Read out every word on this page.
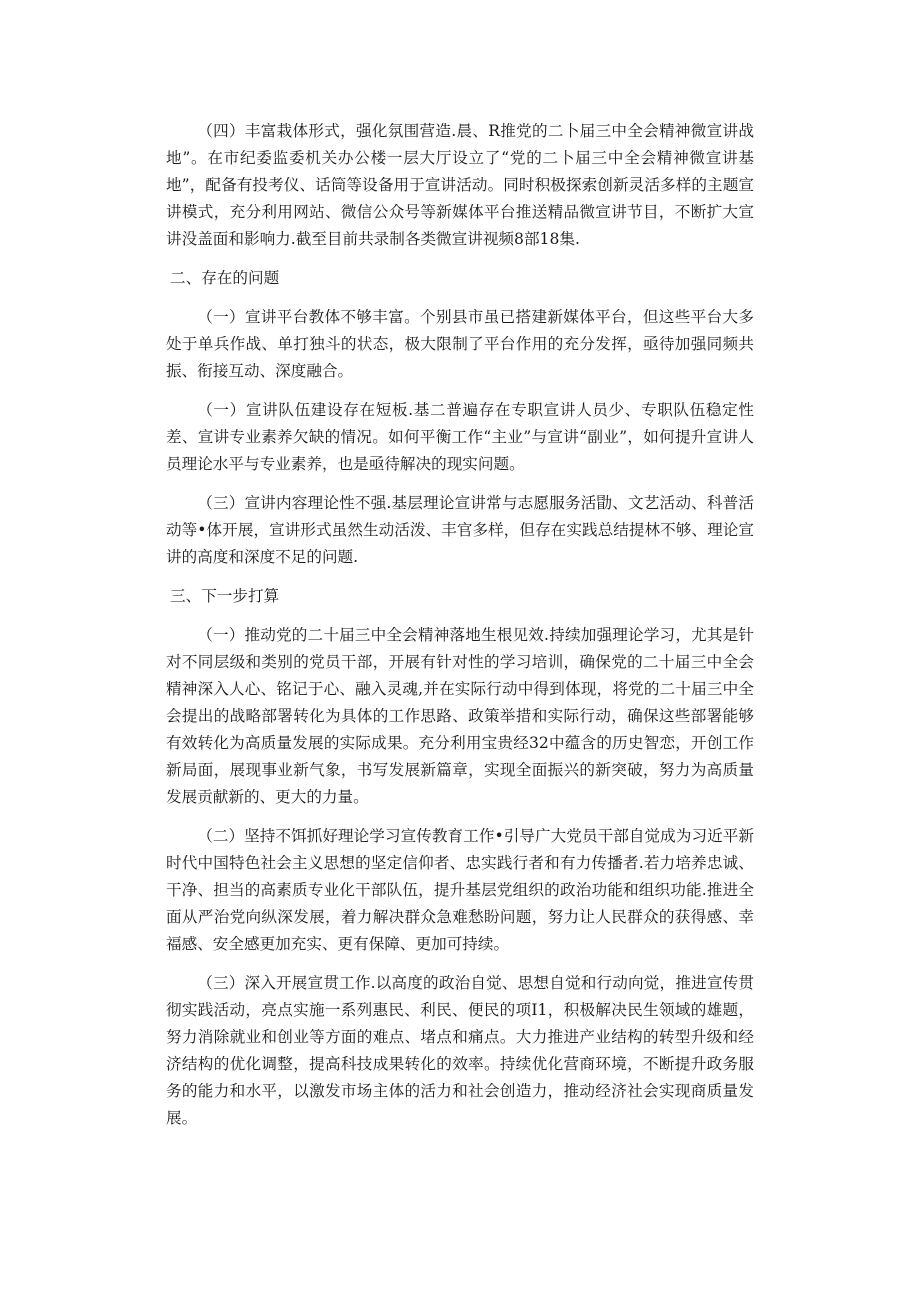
（四）丰富栽体形式，强化氛围营造.晨、R推党的二卜届三中全会精神微宣讲战地”。在市纪委监委机关办公楼一层大厅设立了“党的二卜届三中全会精神微宣讲基地”，配备有投考仪、话筒等设备用于宣讲活动。同时积极探索创新灵活多样的主题宣讲模式，充分利用网站、微信公众号等新媒体平台推送精品微宣讲节目，不断扩大宣讲没盖面和影响力.截至目前共录制各类微宣讲视频8部18集.

二、存在的问题

（一）宣讲平台教体不够丰富。个别县市虽已搭建新媒体平台，但这些平台大多处于单兵作战、单打独斗的状态，极大限制了平台作用的充分发挥，亟待加强同频共振、衔接互动、深度融合。

（一）宣讲队伍建设存在短板.基二普遍存在专职宣讲人员少、专职队伍稳定性差、宣讲专业素养欠缺的情况。如何平衡工作“主业”与宣讲“副业”，如何提升宣讲人员理论水平与专业素养，也是亟待解决的现实问题。

（三）宣讲内容理论性不强.基层理论宣讲常与志愿服务活勖、文艺活动、科普活动等•体开展，宣讲形式虽然生动活泼、丰官多样，但存在实践总结提林不够、理论宣讲的高度和深度不足的问题.

三、下一步打算

（一）推动党的二十届三中全会精神落地生根见效.持续加强理论学习，尤其是针对不同层级和类别的党员干部，开展有针对性的学习培训，确保党的二十届三中全会精神深入人心、铭记于心、融入灵魂,并在实际行动中得到体现，将党的二十届三中全会提出的战略部署转化为具体的工作思路、政策举措和实际行动，确保这些部署能够有效转化为高质量发展的实际成果。充分利用宝贵经32中蕴含的历史智恋，开创工作新局面，展现事业新气象，书写发展新篇章，实现全面振兴的新突破，努力为高质量发展贡献新的、更大的力量。

（二）坚持不饵抓好理论学习宣传教育工作•引导广大党员干部自觉成为习近平新时代中国特色社会主义思想的坚定信仰者、忠实践行者和有力传播者.若力培养忠诚、干净、担当的高素质专业化干部队伍，提升基层党组织的政治功能和组织功能.推进全面从严治党向纵深发展，着力解决群众急难愁盼问题，努力让人民群众的获得感、幸福感、安全感更加充实、更有保障、更加可持续。

（三）深入开展宣贯工作.以高度的政治自觉、思想自觉和行动向觉，推进宣传贯彻实践活动，亮点实施一系列惠民、利民、便民的项I1，积极解决民生领域的雄题，努力消除就业和创业等方面的难点、堵点和痛点。大力推进产业结构的转型升级和经济结构的优化调整，提高科技成果转化的效率。持续优化营商环境，不断提升政务服务的能力和水平，以激发市场主体的活力和社会创造力，推动经济社会实现商质量发展。
